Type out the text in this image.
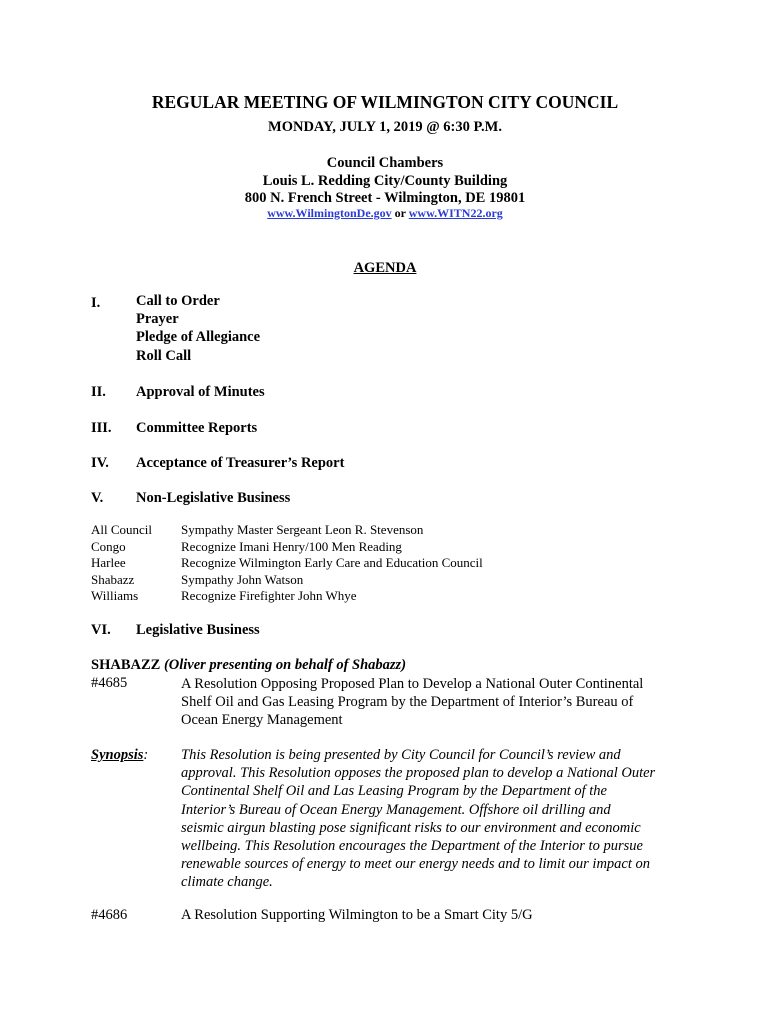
REGULAR MEETING OF WILMINGTON CITY COUNCIL
MONDAY, JULY 1, 2019 @ 6:30 P.M.
Council Chambers
Louis L. Redding City/County Building
800 N. French Street - Wilmington, DE 19801
www.WilmingtonDe.gov or www.WITN22.org
AGENDA
I. Call to Order
Prayer
Pledge of Allegiance
Roll Call
II. Approval of Minutes
III. Committee Reports
IV. Acceptance of Treasurer’s Report
V. Non-Legislative Business
All Council
Congo
Harlee
Shabazz
Williams
Sympathy Master Sergeant Leon R. Stevenson
Recognize Imani Henry/100 Men Reading
Recognize Wilmington Early Care and Education Council
Sympathy John Watson
Recognize Firefighter John Whye
VI. Legislative Business
SHABAZZ (Oliver presenting on behalf of Shabazz)
#4685	A Resolution Opposing Proposed Plan to Develop a National Outer Continental
Shelf Oil and Gas Leasing Program by the Department of Interior’s Bureau of
Ocean Energy Management
Synopsis: This Resolution is being presented by City Council for Council’s review and
approval. This Resolution opposes the proposed plan to develop a National Outer
Continental Shelf Oil and Las Leasing Program by the Department of the
Interior’s Bureau of Ocean Energy Management. Offshore oil drilling and
seismic airgun blasting pose significant risks to our environment and economic
wellbeing. This Resolution encourages the Department of the Interior to pursue
renewable sources of energy to meet our energy needs and to limit our impact on
climate change.
#4686	A Resolution Supporting Wilmington to be a Smart City 5/G
